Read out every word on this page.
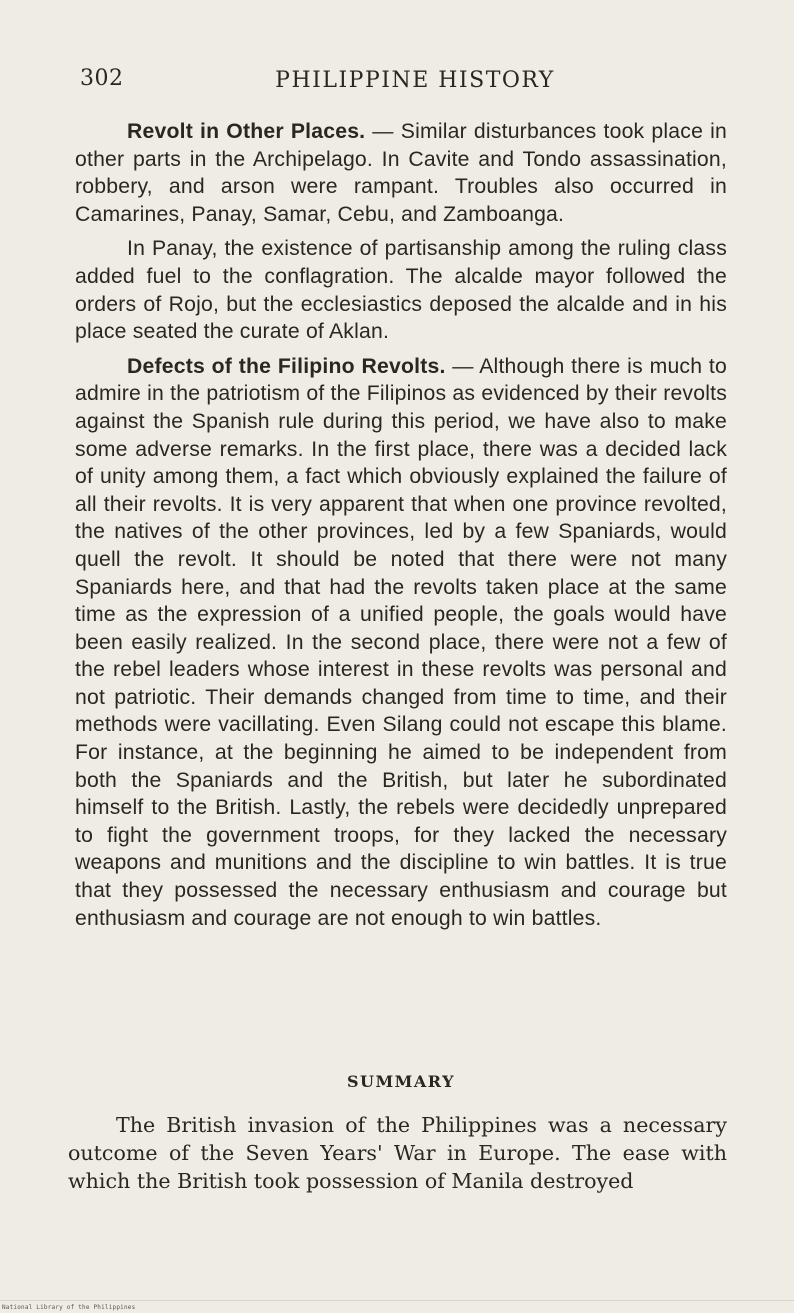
302	PHILIPPINE HISTORY

Revolt in Other Places. — Similar disturbances took place in other parts in the Archipelago. In Cavite and Tondo assassination, robbery, and arson were rampant. Troubles also occurred in Camarines, Panay, Samar, Cebu, and Zamboanga.

In Panay, the existence of partisanship among the ruling class added fuel to the conflagration. The alcalde mayor followed the orders of Rojo, but the ecclesiastics deposed the alcalde and in his place seated the curate of Aklan.

Defects of the Filipino Revolts. — Although there is much to admire in the patriotism of the Filipinos as evidenced by their revolts against the Spanish rule during this period, we have also to make some adverse remarks. In the first place, there was a decided lack of unity among them, a fact which obviously explained the failure of all their revolts. It is very apparent that when one province revolted, the natives of the other provinces, led by a few Spaniards, would quell the revolt. It should be noted that there were not many Spaniards here, and that had the revolts taken place at the same time as the expression of a unified people, the goals would have been easily realized. In the second place, there were not a few of the rebel leaders whose interest in these revolts was personal and not patriotic. Their demands changed from time to time, and their methods were vacillating. Even Silang could not escape this blame. For instance, at the beginning he aimed to be independent from both the Spaniards and the British, but later he subordinated himself to the British. Lastly, the rebels were decidedly unprepared to fight the government troops, for they lacked the necessary weapons and munitions and the discipline to win battles. It is true that they possessed the necessary enthusiasm and courage but enthusiasm and courage are not enough to win battles.

SUMMARY

The British invasion of the Philippines was a necessary outcome of the Seven Years' War in Europe. The ease with which the British took possession of Manila destroyed

National Library of the Philippines
